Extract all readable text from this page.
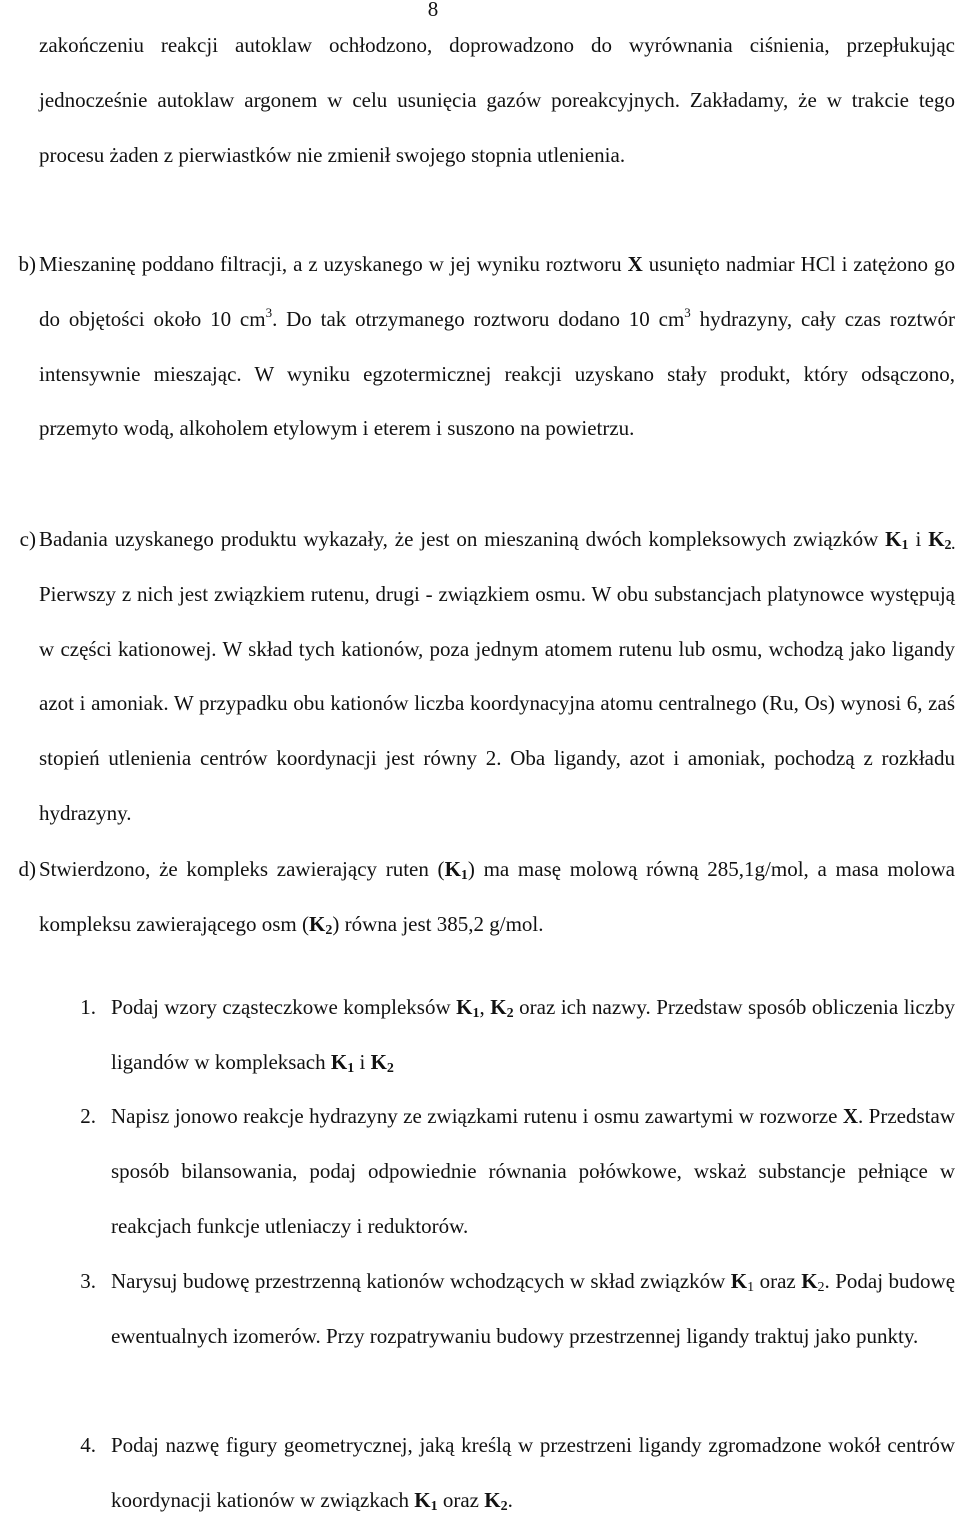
8
zakończeniu reakcji autoklaw ochłodzono, doprowadzono do wyrównania ciśnienia, przepłukując jednocześnie autoklaw argonem w celu usunięcia gazów poreakcyjnych. Zakładamy, że w trakcie tego procesu żaden z pierwiastków nie zmienił swojego stopnia utlenienia.
b) Mieszaninę poddano filtracji, a z uzyskanego w jej wyniku roztworu X usunięto nadmiar HCl i zatężono go do objętości około 10 $cm^3$. Do tak otrzymanego roztworu dodano 10 $cm^3$ hydrazyny, cały czas roztwór intensywnie mieszając. W wyniku egzotermicznej reakcji uzyskano stały produkt, który odsączono, przemyto wodą, alkoholem etylowym i eterem i suszono na powietrzu.
c) Badania uzyskanego produktu wykazały, że jest on mieszaniną dwóch kompleksowych związków $K_1$ i $K_{2.}$ Pierwszy z nich jest związkiem rutenu, drugi - związkiem osmu. W obu substancjach platynowce występują w części kationowej. W skład tych kationów, poza jednym atomem rutenu lub osmu, wchodzą jako ligandy azot i amoniak. W przypadku obu kationów liczba koordynacyjna atomu centralnego (Ru, Os) wynosi 6, zaś stopień utlenienia centrów koordynacji jest równy 2. Oba ligandy, azot i amoniak, pochodzą z rozkładu hydrazyny.
d) Stwierdzono, że kompleks zawierający ruten $(K_1)$ ma masę molową równą 285,1g/mol, a masa molowa kompleksu zawierającego osm $(K_2)$ równa jest 385,2 g/mol.
1. Podaj wzory cząsteczkowe kompleksów $K_1$, $K_2$ oraz ich nazwy. Przedstaw sposób obliczenia liczby ligandów w kompleksach $K_1$ i $K_2$
2. Napisz jonowo reakcje hydrazyny ze związkami rutenu i osmu zawartymi w rozworze X. Przedstaw sposób bilansowania, podaj odpowiednie równania połówkowe, wskaż substancje pełniące w reakcjach funkcje utleniaczy i reduktorów.
3. Narysuj budowę przestrzenną kationów wchodzących w skład związków $K_1$ oraz $K_2$. Podaj budowę ewentualnych izomerów. Przy rozpatrywaniu budowy przestrzennej ligandy traktuj jako punkty.
4. Podaj nazwę figury geometrycznej, jaką kreślą w przestrzeni ligandy zgromadzone wokół centrów koordynacji kationów w związkach $K_1$ oraz $K_2$.
